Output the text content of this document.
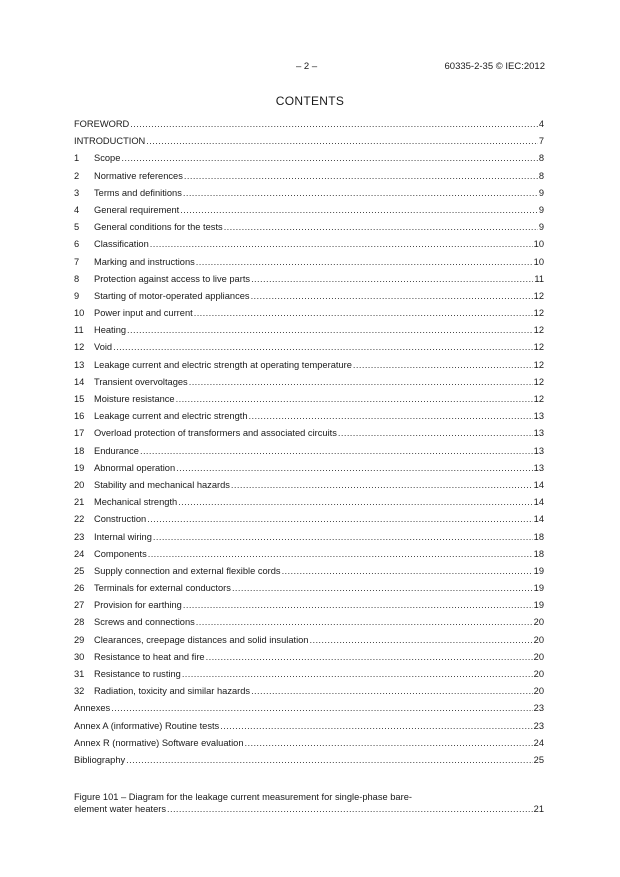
– 2 –	60335-2-35 © IEC:2012
CONTENTS
FOREWORD .....	4
INTRODUCTION .....	7
1	Scope .....	8
2	Normative references .....	8
3	Terms and definitions .....	9
4	General requirement .....	9
5	General conditions for the tests .....	9
6	Classification .....	10
7	Marking and instructions .....	10
8	Protection against access to live parts .....	11
9	Starting of motor-operated appliances .....	12
10	Power input and current .....	12
11	Heating .....	12
12	Void .....	12
13	Leakage current and electric strength at operating temperature .....	12
14	Transient overvoltages .....	12
15	Moisture resistance .....	12
16	Leakage current and electric strength .....	13
17	Overload protection of transformers and associated circuits .....	13
18	Endurance .....	13
19	Abnormal operation .....	13
20	Stability and mechanical hazards .....	14
21	Mechanical strength .....	14
22	Construction .....	14
23	Internal wiring .....	18
24	Components .....	18
25	Supply connection and external flexible cords .....	19
26	Terminals for external conductors .....	19
27	Provision for earthing .....	19
28	Screws and connections .....	20
29	Clearances, creepage distances and solid insulation .....	20
30	Resistance to heat and fire .....	20
31	Resistance to rusting .....	20
32	Radiation, toxicity and similar hazards .....	20
Annexes .....	23
Annex A (informative) Routine tests .....	23
Annex R (normative) Software evaluation .....	24
Bibliography .....	25
Figure 101 – Diagram for the leakage current measurement for single-phase bare-
element water heaters .....	21
